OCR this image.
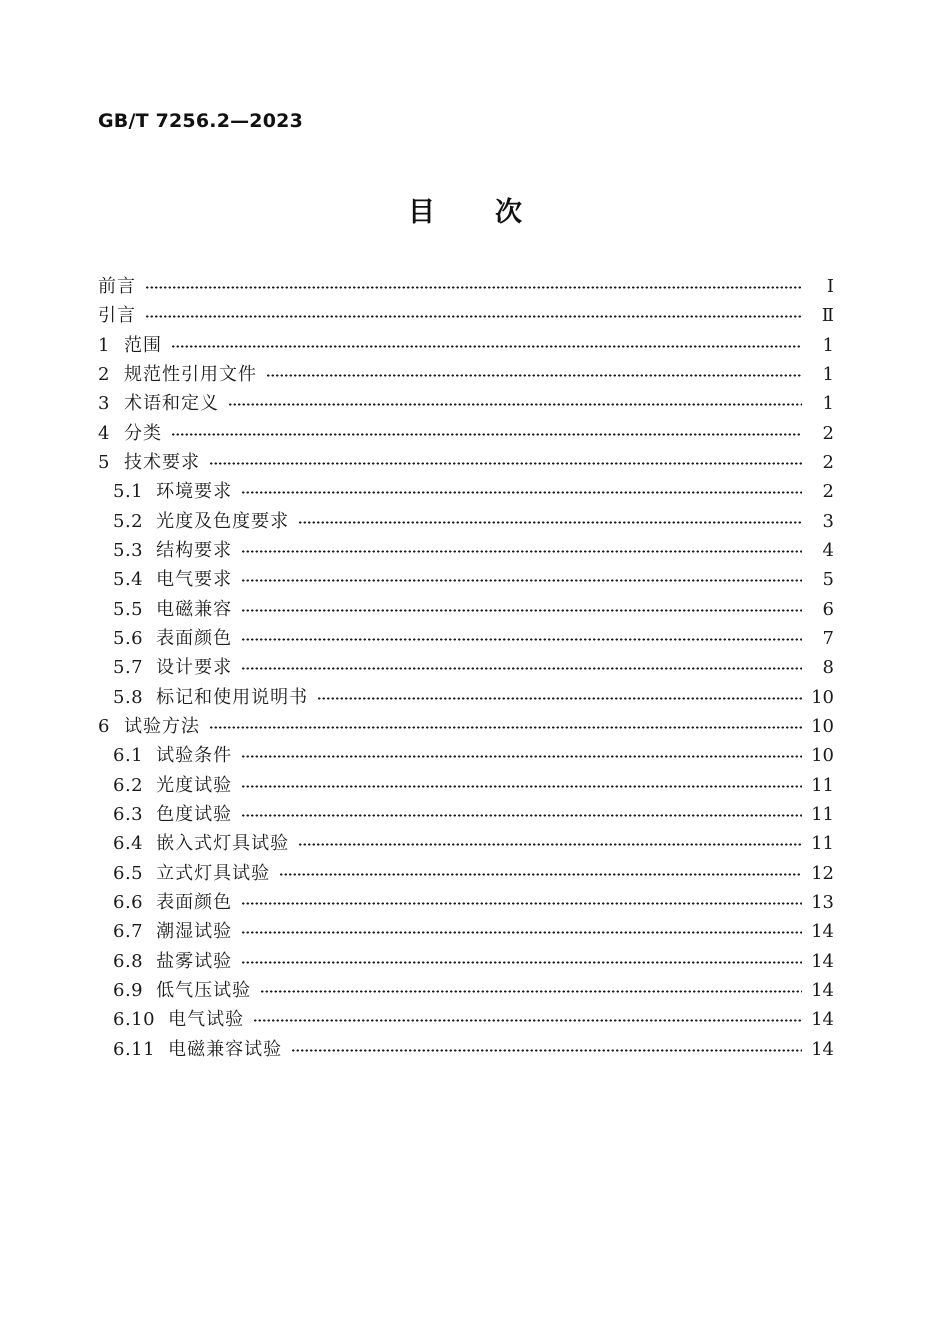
GB/T 7256.2—2023
目　　次
前言	Ⅰ
引言	Ⅱ
1 范围	1
2 规范性引用文件	1
3 术语和定义	1
4 分类	2
5 技术要求	2
5.1 环境要求	2
5.2 光度及色度要求	3
5.3 结构要求	4
5.4 电气要求	5
5.5 电磁兼容	6
5.6 表面颜色	7
5.7 设计要求	8
5.8 标记和使用说明书	10
6 试验方法	10
6.1 试验条件	10
6.2 光度试验	11
6.3 色度试验	11
6.4 嵌入式灯具试验	11
6.5 立式灯具试验	12
6.6 表面颜色	13
6.7 潮湿试验	14
6.8 盐雾试验	14
6.9 低气压试验	14
6.10 电气试验	14
6.11 电磁兼容试验	14
